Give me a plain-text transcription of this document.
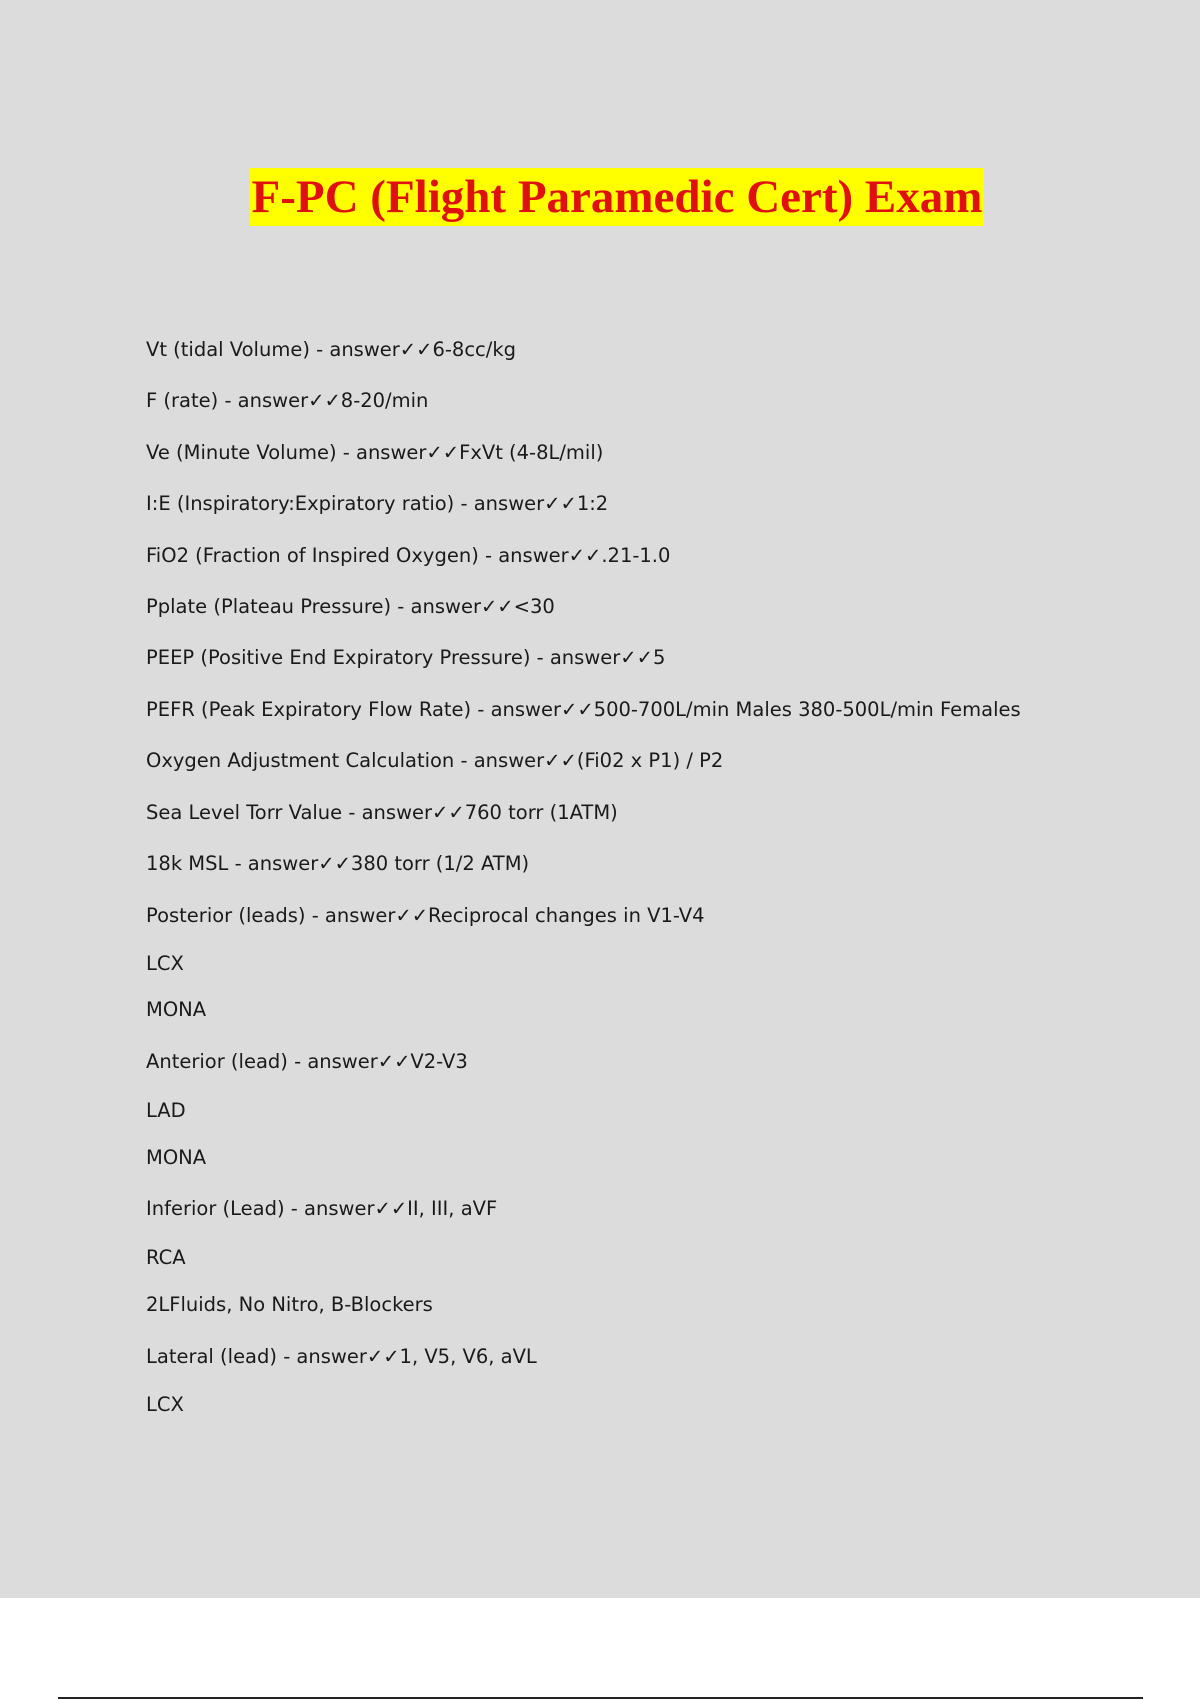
F-PC (Flight Paramedic Cert) Exam
Vt (tidal Volume) - answer✓✓6-8cc/kg
F (rate) - answer✓✓8-20/min
Ve (Minute Volume) - answer✓✓FxVt (4-8L/mil)
I:E (Inspiratory:Expiratory ratio) - answer✓✓1:2
FiO2 (Fraction of Inspired Oxygen) - answer✓✓.21-1.0
Pplate (Plateau Pressure) - answer✓✓<30
PEEP (Positive End Expiratory Pressure) - answer✓✓5
PEFR (Peak Expiratory Flow Rate) - answer✓✓500-700L/min Males 380-500L/min Females
Oxygen Adjustment Calculation - answer✓✓(Fi02 x P1) / P2
Sea Level Torr Value - answer✓✓760 torr (1ATM)
18k MSL - answer✓✓380 torr (1/2 ATM)
Posterior (leads) - answer✓✓Reciprocal changes in V1-V4
LCX
MONA
Anterior (lead) - answer✓✓V2-V3
LAD
MONA
Inferior (Lead) - answer✓✓II, III, aVF
RCA
2LFluids, No Nitro, B-Blockers
Lateral (lead) - answer✓✓1, V5, V6, aVL
LCX
